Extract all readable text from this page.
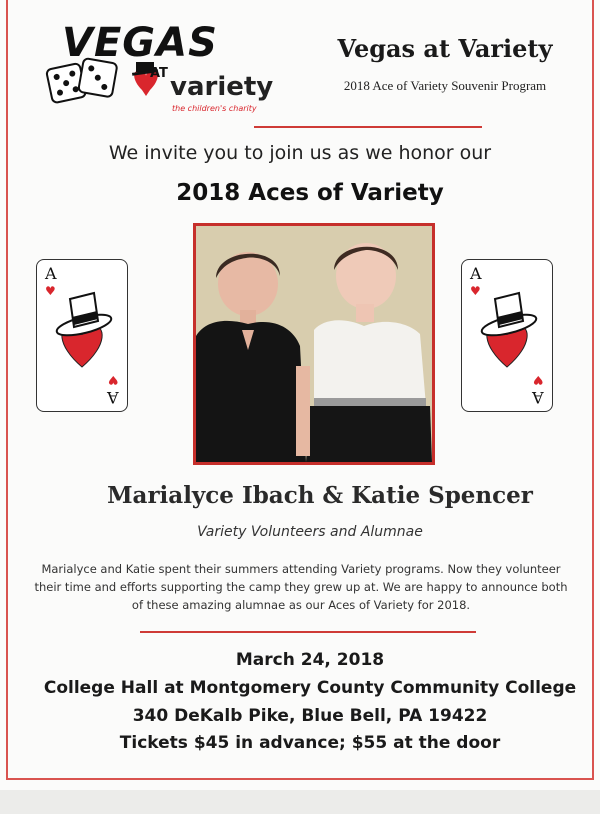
VEGAS
AT variety
the children's charity
Vegas at Variety
2018 Ace of Variety Souvenir Program
We invite you to join us as we honor our
2018 Aces of Variety
A
♥
A
♥
A
♥
A
♥
Marialyce Ibach & Katie Spencer
Variety Volunteers and Alumnae
Marialyce and Katie spent their summers attending Variety programs. Now they volunteer
their time and efforts supporting the camp they grew up at. We are happy to announce both
of these amazing alumnae as our Aces of Variety for 2018.
March 24, 2018
College Hall at Montgomery County Community College
340 DeKalb Pike, Blue Bell, PA 19422
Tickets $45 in advance; $55 at the door
